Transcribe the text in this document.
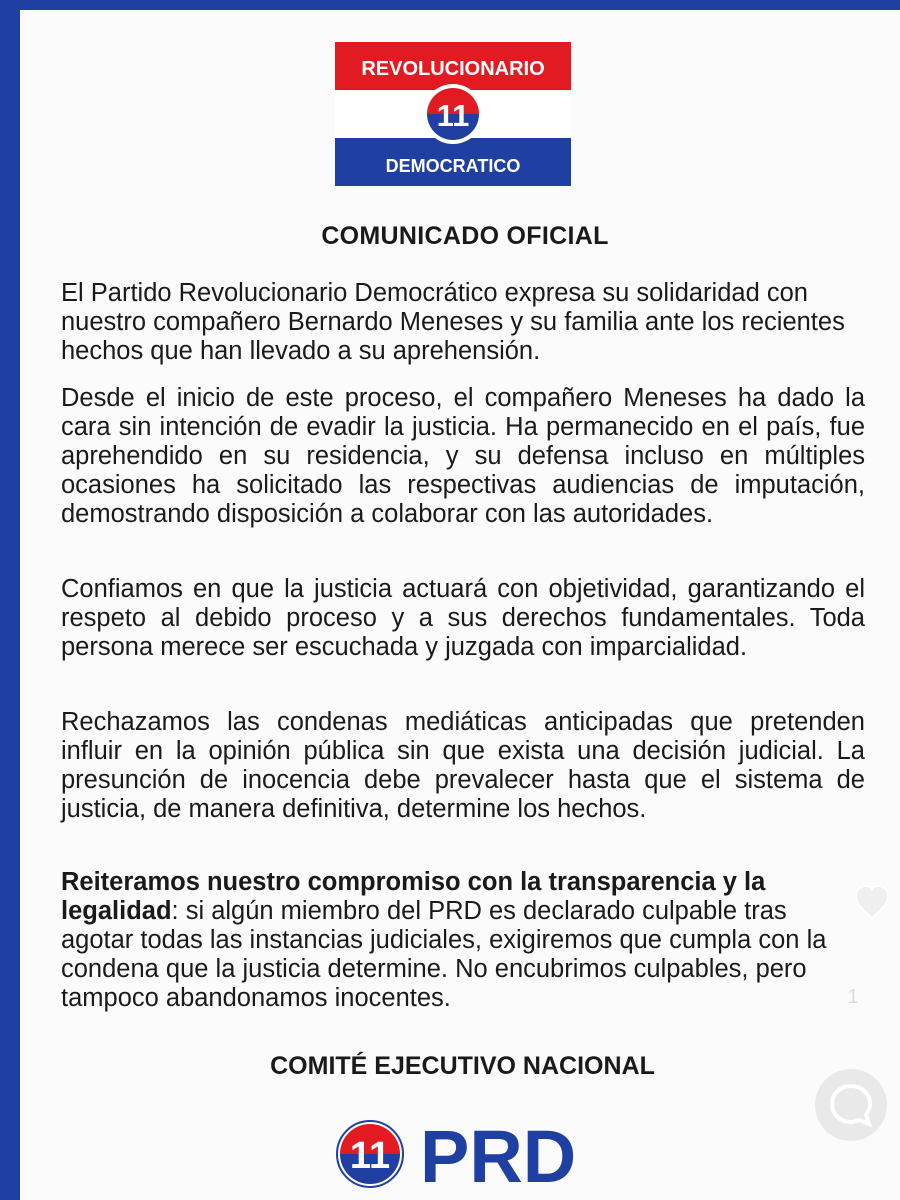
REVOLUCIONARIO
11
DEMOCRATICO
COMUNICADO OFICIAL
El Partido Revolucionario Democrático expresa su solidaridad con nuestro compañero Bernardo Meneses y su familia ante los recientes hechos que han llevado a su aprehensión.
Desde el inicio de este proceso, el compañero Meneses ha dado la cara sin intención de evadir la justicia. Ha permanecido en el país, fue aprehendido en su residencia, y su defensa incluso en múltiples ocasiones ha solicitado las respectivas audiencias de imputación, demostrando disposición a colaborar con las autoridades.
Confiamos en que la justicia actuará con objetividad, garantizando el respeto al debido proceso y a sus derechos fundamentales. Toda persona merece ser escuchada y juzgada con imparcialidad.
Rechazamos las condenas mediáticas anticipadas que pretenden influir en la opinión pública sin que exista una decisión judicial. La presunción de inocencia debe prevalecer hasta que el sistema de justicia, de manera definitiva, determine los hechos.
Reiteramos nuestro compromiso con la transparencia y la legalidad: si algún miembro del PRD es declarado culpable tras agotar todas las instancias judiciales, exigiremos que cumpla con la condena que la justicia determine. No encubrimos culpables, pero tampoco abandonamos inocentes.
COMITÉ EJECUTIVO NACIONAL
11 PRD
1
